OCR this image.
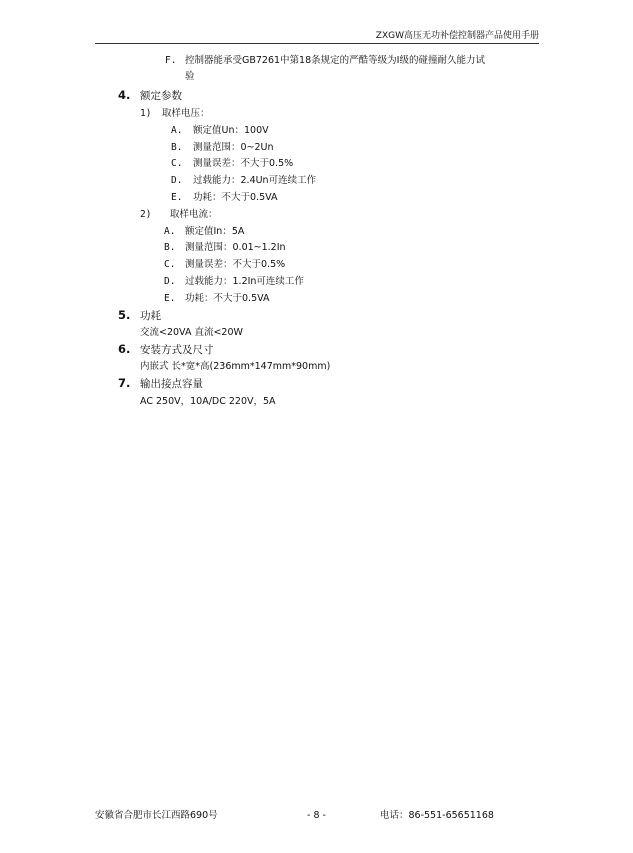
ZXGW高压无功补偿控制器产品使用手册
F. 控制器能承受GB7261中第18条规定的严酷等级为I级的碰撞耐久能力试
验
4. 额定参数
1) 取样电压：
A. 额定值Un：100V
B. 测量范围：0~2Un
C. 测量误差：不大于0.5%
D. 过载能力：2.4Un可连续工作
E. 功耗：不大于0.5VA
2) 取样电流：
A. 额定值In：5A
B. 测量范围：0.01~1.2In
C. 测量误差：不大于0.5%
D. 过载能力：1.2In可连续工作
E. 功耗：不大于0.5VA
5. 功耗
交流<20VA 直流<20W
6. 安装方式及尺寸
内嵌式 长*宽*高(236mm*147mm*90mm)
7. 输出接点容量
AC 250V，10A/DC 220V，5A
安徽省合肥市长江西路690号	- 8 -	电话：86-551-65651168
